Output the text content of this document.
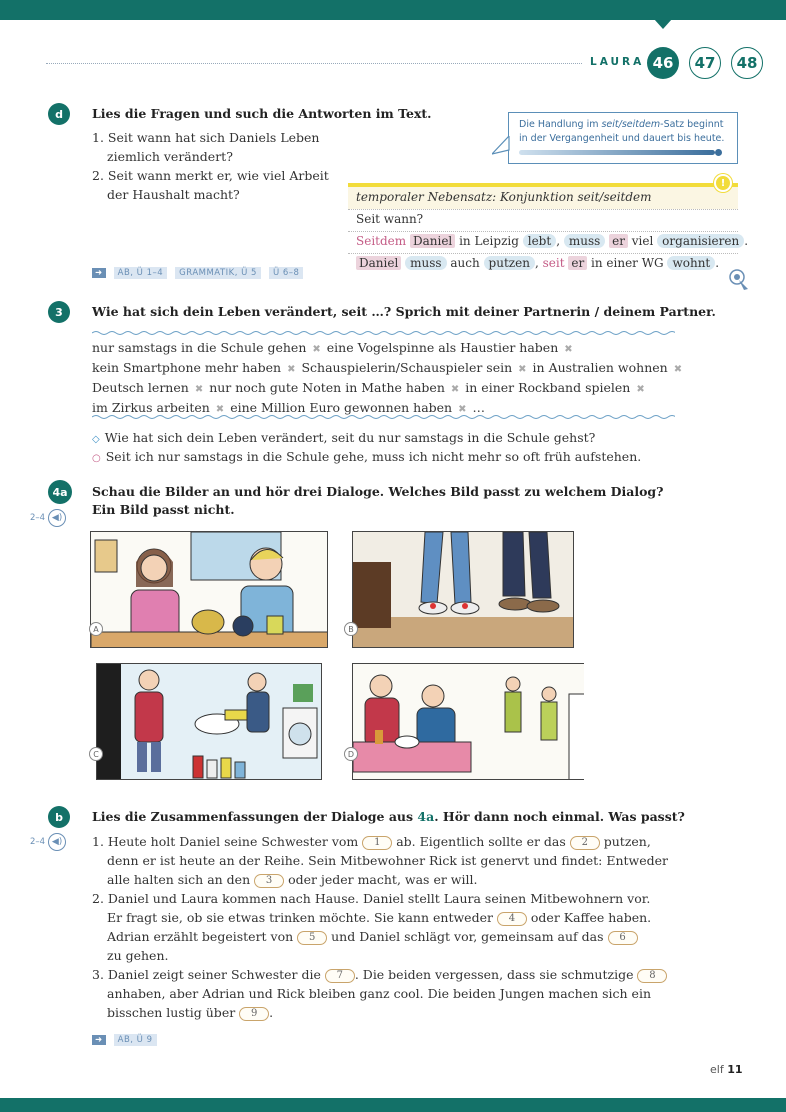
LAURA 46	47	48
d	Lies die Fragen und such die Antworten im Text.
1. Seit wann hat sich Daniels Leben
ziemlich verändert?
2. Seit wann merkt er, wie viel Arbeit
der Haushalt macht?
➜	AB, Ü 1–4	GRAMMATIK, Ü 5	Ü 6–8
Die Handlung im seit/seitdem-Satz beginnt
in der Vergangenheit und dauert bis heute.
temporaler Nebensatz: Konjunktion seit/seitdem
Seit wann?
Seitdem Daniel in Leipzig lebt , muss er viel organisieren .
Daniel muss auch putzen , seit er in einer WG wohnt .
!
3	Wie hat sich dein Leben verändert, seit …? Sprich mit deiner Partnerin / deinem Partner.
nur samstags in die Schule gehen ✖ eine Vogelspinne als Haustier haben ✖
kein Smartphone mehr haben ✖ Schauspielerin/Schauspieler sein ✖ in Australien wohnen ✖
Deutsch lernen ✖ nur noch gute Noten in Mathe haben ✖ in einer Rockband spielen ✖
im Zirkus arbeiten ✖ eine Million Euro gewonnen haben ✖ …
◇ Wie hat sich dein Leben verändert, seit du nur samstags in die Schule gehst?
○ Seit ich nur samstags in die Schule gehe, muss ich nicht mehr so oft früh aufstehen.
4a
2–4 ◀)
Schau die Bilder an und hör drei Dialoge. Welches Bild passt zu welchem Dialog?
Ein Bild passt nicht.
A	B
C	D
b
2–4 ◀)
Lies die Zusammenfassungen der Dialoge aus 4a. Hör dann noch einmal. Was passt?
1. Heute holt Daniel seine Schwester vom 1 ab. Eigentlich sollte er das 2 putzen,
denn er ist heute an der Reihe. Sein Mitbewohner Rick ist genervt und findet: Entweder
alle halten sich an den 3 oder jeder macht, was er will.
2. Daniel und Laura kommen nach Hause. Daniel stellt Laura seinen Mitbewohnern vor.
Er fragt sie, ob sie etwas trinken möchte. Sie kann entweder 4 oder Kaffee haben.
Adrian erzählt begeistert von 5 und Daniel schlägt vor, gemeinsam auf das 6
zu gehen.
3. Daniel zeigt seiner Schwester die 7 . Die beiden vergessen, dass sie schmutzige 8
anhaben, aber Adrian und Rick bleiben ganz cool. Die beiden Jungen machen sich ein
bisschen lustig über 9 .
➜	AB, Ü 9
elf 11
